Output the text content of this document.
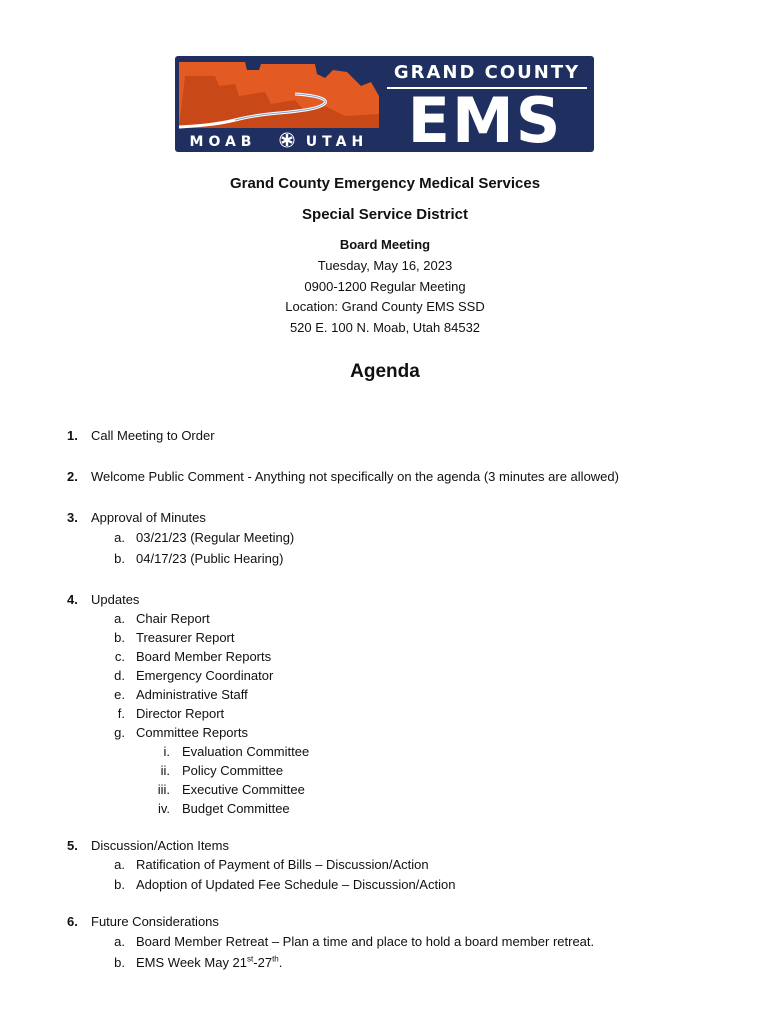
GRAND COUNTY
EMS
MOAB	UTAH
Grand County Emergency Medical Services
Special Service District
Board Meeting
Tuesday, May 16, 2023
0900-1200 Regular Meeting
Location: Grand County EMS SSD
520 E. 100 N. Moab, Utah 84532
Agenda
1. Call Meeting to Order
2. Welcome Public Comment - Anything not specifically on the agenda (3 minutes are allowed)
3. Approval of Minutes
a. 03/21/23 (Regular Meeting)
b. 04/17/23 (Public Hearing)
4. Updates
a. Chair Report
b. Treasurer Report
c. Board Member Reports
d. Emergency Coordinator
e. Administrative Staff
f. Director Report
g. Committee Reports
i. Evaluation Committee
ii. Policy Committee
iii. Executive Committee
iv. Budget Committee
5. Discussion/Action Items
a. Ratification of Payment of Bills – Discussion/Action
b. Adoption of Updated Fee Schedule – Discussion/Action
6. Future Considerations
a. Board Member Retreat – Plan a time and place to hold a board member retreat.
b. EMS Week May 21st-27th.
